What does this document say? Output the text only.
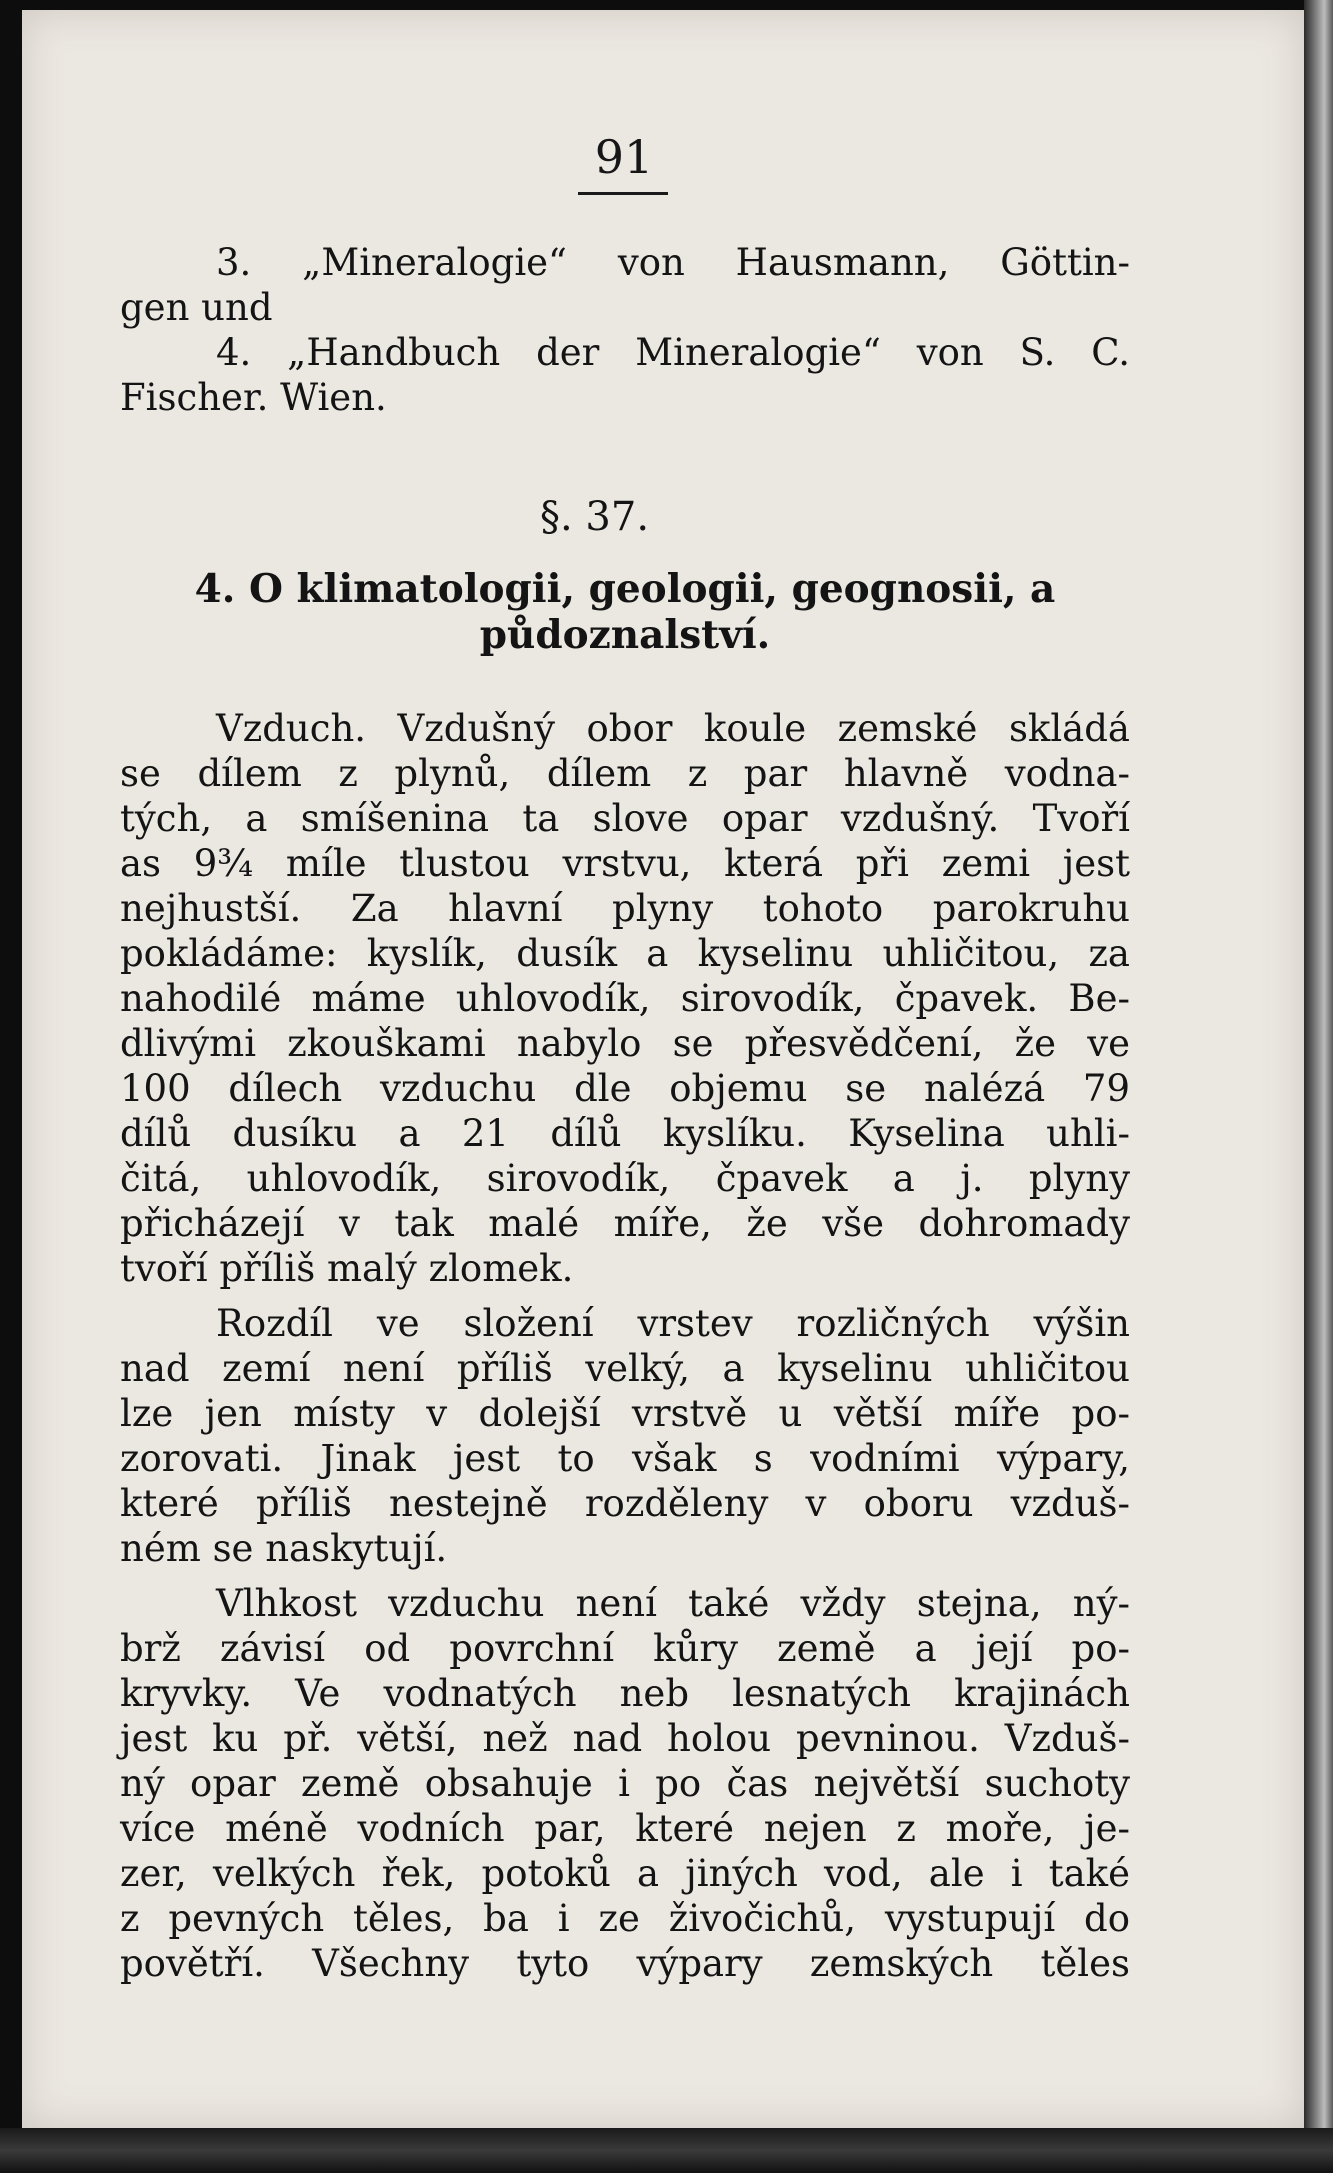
91
3. „Mineralogie“ von Hausmann, Göttin-
gen und
4. „Handbuch der Mineralogie“ von S. C.
Fischer. Wien.
§. 37.
4. O klimatologii, geologii, geognosii, a
půdoznalství.
Vzduch. Vzdušný obor koule zemské skládá
se dílem z plynů, dílem z par hlavně vodna-
tých, a smíšenina ta slove opar vzdušný. Tvoří
as 9¾ míle tlustou vrstvu, která při zemi jest
nejhustší. Za hlavní plyny tohoto parokruhu
pokládáme: kyslík, dusík a kyselinu uhličitou, za
nahodilé máme uhlovodík, sirovodík, čpavek. Be-
dlivými zkouškami nabylo se přesvědčení, že ve
100 dílech vzduchu dle objemu se nalézá 79
dílů dusíku a 21 dílů kyslíku. Kyselina uhli-
čitá, uhlovodík, sirovodík, čpavek a j. plyny
přicházejí v tak malé míře, že vše dohromady
tvoří příliš malý zlomek.
Rozdíl ve složení vrstev rozličných výšin
nad zemí není příliš velký, a kyselinu uhličitou
lze jen místy v dolejší vrstvě u větší míře po-
zorovati. Jinak jest to však s vodními výpary,
které příliš nestejně rozděleny v oboru vzduš-
ném se naskytují.
Vlhkost vzduchu není také vždy stejna, ný-
brž závisí od povrchní kůry země a její po-
kryvky. Ve vodnatých neb lesnatých krajinách
jest ku př. větší, než nad holou pevninou. Vzduš-
ný opar země obsahuje i po čas největší suchoty
více méně vodních par, které nejen z moře, je-
zer, velkých řek, potoků a jiných vod, ale i také
z pevných těles, ba i ze živočichů, vystupují do
povětří. Všechny tyto výpary zemských těles
